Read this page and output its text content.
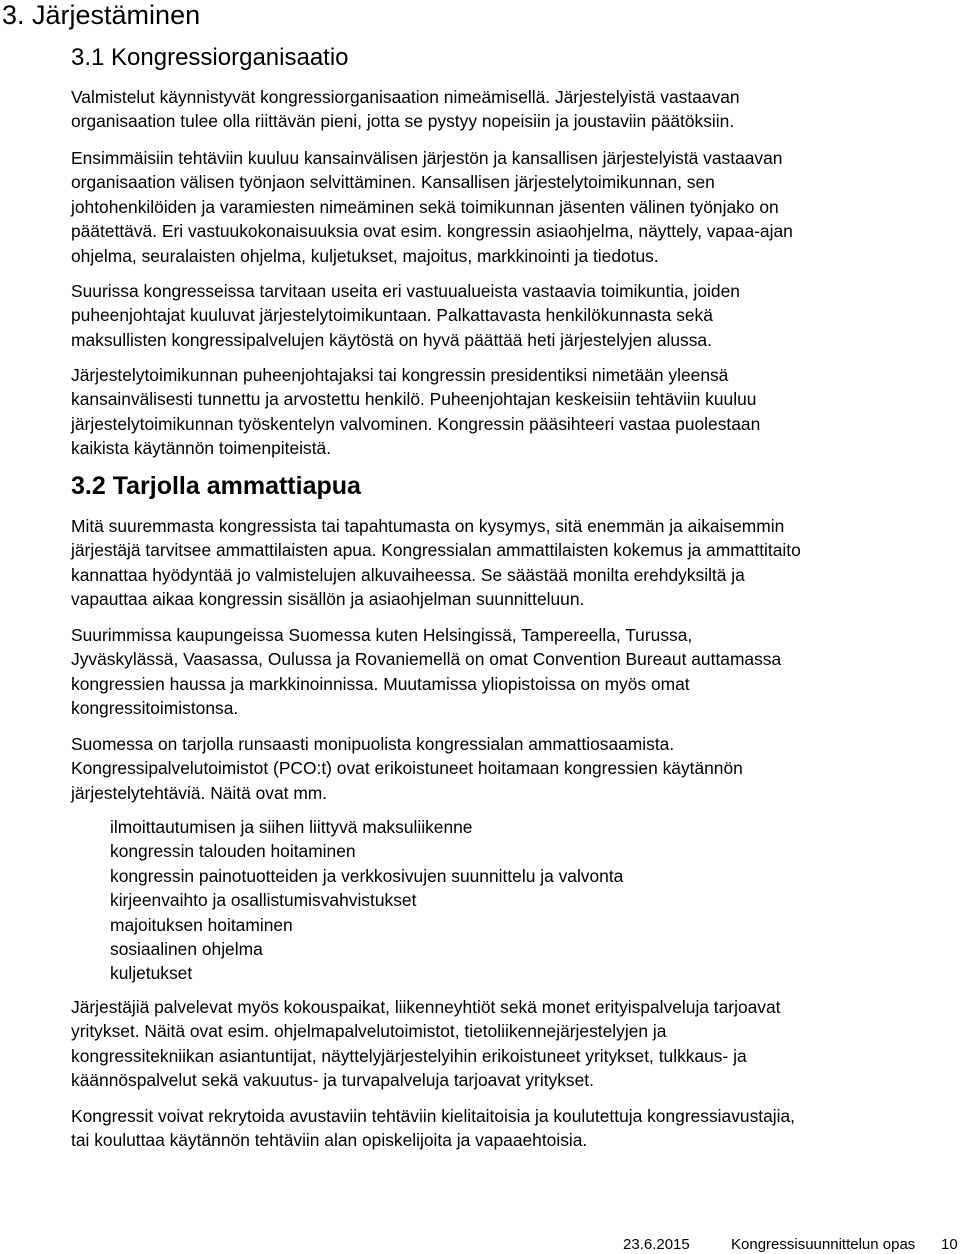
3. Järjestäminen
3.1 Kongressiorganisaatio
Valmistelut käynnistyvät kongressiorganisaation nimeämisellä. Järjestelyistä vastaavan
organisaation tulee olla riittävän pieni, jotta se pystyy nopeisiin ja joustaviin päätöksiin.
Ensimmäisiin tehtäviin kuuluu kansainvälisen järjestön ja kansallisen järjestelyistä vastaavan
organisaation välisen työnjaon selvittäminen. Kansallisen järjestelytoimikunnan, sen
johtohenkilöiden ja varamiesten nimeäminen sekä toimikunnan jäsenten välinen työnjako on
päätettävä. Eri vastuukokonaisuuksia ovat esim. kongressin asiaohjelma, näyttely, vapaa-ajan
ohjelma, seuralaisten ohjelma, kuljetukset, majoitus, markkinointi ja tiedotus.
Suurissa kongresseissa tarvitaan useita eri vastuualueista vastaavia toimikuntia, joiden
puheenjohtajat kuuluvat järjestelytoimikuntaan. Palkattavasta henkilökunnasta sekä
maksullisten kongressipalvelujen käytöstä on hyvä päättää heti järjestelyjen alussa.
Järjestelytoimikunnan puheenjohtajaksi tai kongressin presidentiksi nimetään yleensä
kansainvälisesti tunnettu ja arvostettu henkilö. Puheenjohtajan keskeisiin tehtäviin kuuluu
järjestelytoimikunnan työskentelyn valvominen. Kongressin pääsihteeri vastaa puolestaan
kaikista käytännön toimenpiteistä.
3.2 Tarjolla ammattiapua
Mitä suuremmasta kongressista tai tapahtumasta on kysymys, sitä enemmän ja aikaisemmin
järjestäjä tarvitsee ammattilaisten apua. Kongressialan ammattilaisten kokemus ja ammattitaito
kannattaa hyödyntää jo valmistelujen alkuvaiheessa. Se säästää monilta erehdyksiltä ja
vapauttaa aikaa kongressin sisällön ja asiaohjelman suunnitteluun.
Suurimmissa kaupungeissa Suomessa kuten Helsingissä, Tampereella, Turussa,
Jyväskylässä, Vaasassa, Oulussa ja Rovaniemellä on omat Convention Bureaut auttamassa
kongressien haussa ja markkinoinnissa. Muutamissa yliopistoissa on myös omat
kongressitoimistonsa.
Suomessa on tarjolla runsaasti monipuolista kongressialan ammattiosaamista.
Kongressipalvelutoimistot (PCO:t) ovat erikoistuneet hoitamaan kongressien käytännön
järjestelytehtäviä. Näitä ovat mm.
ilmoittautumisen ja siihen liittyvä maksuliikenne
kongressin talouden hoitaminen
kongressin painotuotteiden ja verkkosivujen suunnittelu ja valvonta
kirjeenvaihto ja osallistumisvahvistukset
majoituksen hoitaminen
sosiaalinen ohjelma
kuljetukset
Järjestäjiä palvelevat myös kokouspaikat, liikenneyhtiöt sekä monet erityispalveluja tarjoavat
yritykset. Näitä ovat esim. ohjelmapalvelutoimistot, tietoliikennejärjestelyjen ja
kongressitekniikan asiantuntijat, näyttelyjärjestelyihin erikoistuneet yritykset, tulkkaus- ja
käännöspalvelut sekä vakuutus- ja turvapalveluja tarjoavat yritykset.
Kongressit voivat rekrytoida avustaviin tehtäviin kielitaitoisia ja koulutettuja kongressiavustajia,
tai kouluttaa käytännön tehtäviin alan opiskelijoita ja vapaaehtoisia.
23.6.2015	Kongressisuunnittelun opas 10
